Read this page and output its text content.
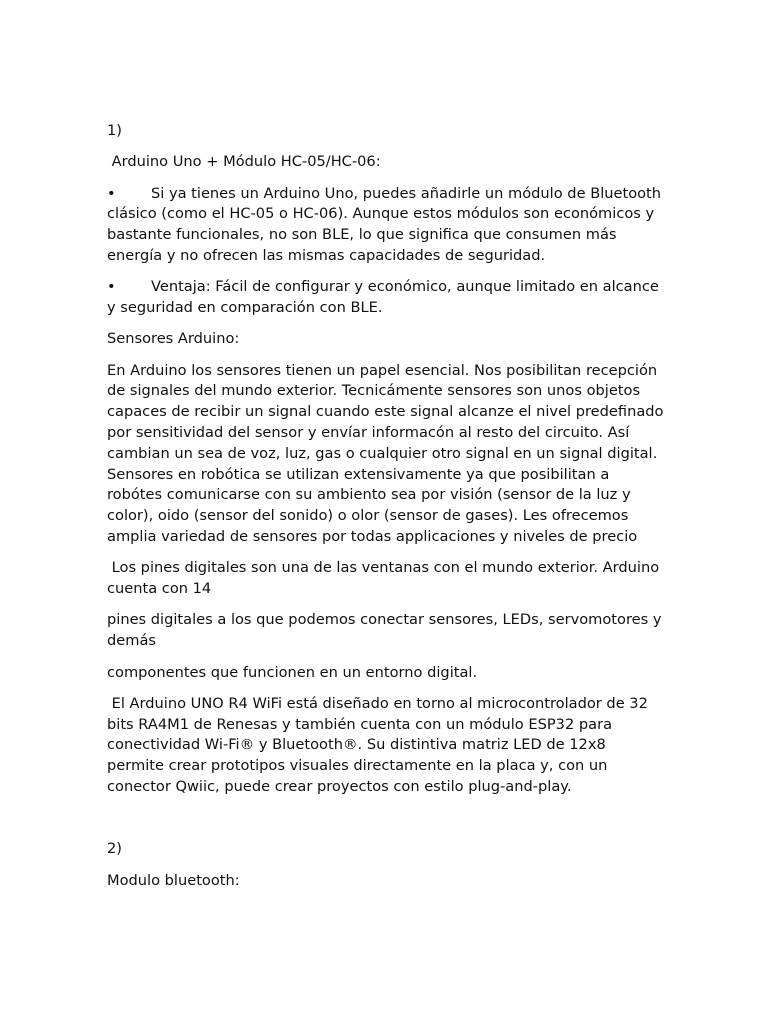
1)

Arduino Uno + Módulo HC-05/HC-06:

• Si ya tienes un Arduino Uno, puedes añadirle un módulo de Bluetooth clásico (como el HC-05 o HC-06). Aunque estos módulos son económicos y bastante funcionales, no son BLE, lo que significa que consumen más energía y no ofrecen las mismas capacidades de seguridad.
• Ventaja: Fácil de configurar y económico, aunque limitado en alcance y seguridad en comparación con BLE.

Sensores Arduino:

En Arduino los sensores tienen un papel esencial. Nos posibilitan recepción de signales del mundo exterior. Tecnicámente sensores son unos objetos capaces de recibir un signal cuando este signal alcanze el nivel predefinado por sensitividad del sensor y envíar informacón al resto del circuito. Así cambian un sea de voz, luz, gas o cualquier otro signal en un signal digital. Sensores en robótica se utilizan extensivamente ya que posibilitan a robótes comunicarse con su ambiento sea por visión (sensor de la luz y color), oido (sensor del sonido) o olor (sensor de gases). Les ofrecemos amplia variedad de sensores por todas applicaciones y niveles de precio

Los pines digitales son una de las ventanas con el mundo exterior. Arduino cuenta con 14

pines digitales a los que podemos conectar sensores, LEDs, servomotores y demás

componentes que funcionen en un entorno digital.

El Arduino UNO R4 WiFi está diseñado en torno al microcontrolador de 32 bits RA4M1 de Renesas y también cuenta con un módulo ESP32 para conectividad Wi-Fi® y Bluetooth®. Su distintiva matriz LED de 12x8 permite crear prototipos visuales directamente en la placa y, con un conector Qwiic, puede crear proyectos con estilo plug-and-play.

2)

Modulo bluetooth:
